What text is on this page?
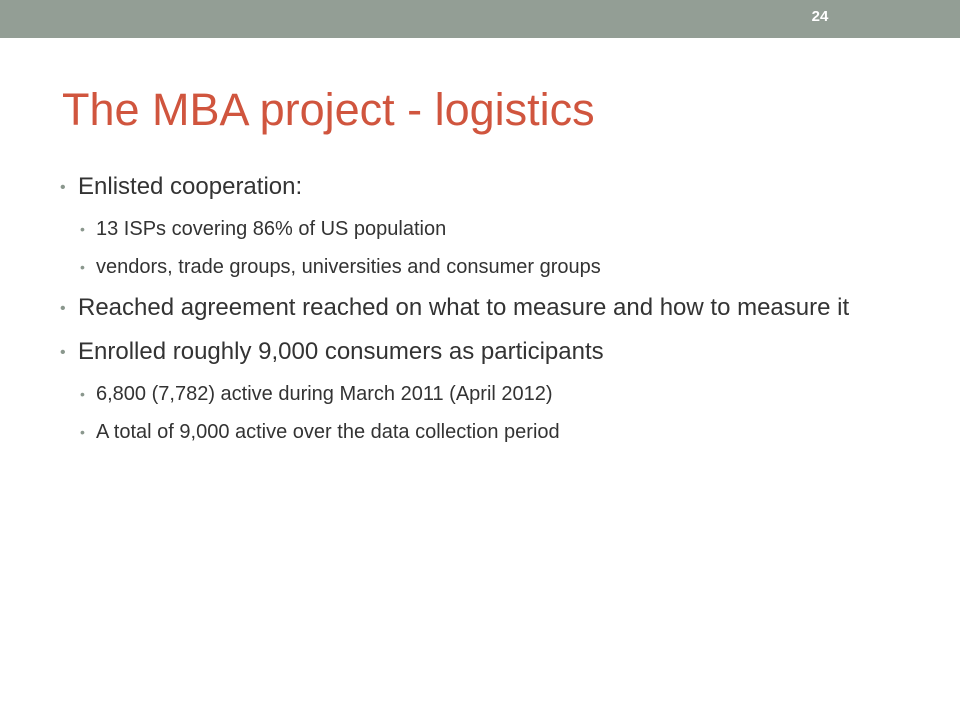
24
The MBA project - logistics
• Enlisted cooperation:
• 13 ISPs covering 86% of US population
• vendors, trade groups, universities and consumer groups
• Reached agreement reached on what to measure and how to measure it
• Enrolled roughly 9,000 consumers as participants
• 6,800 (7,782) active during March 2011 (April 2012)
• A total of 9,000 active over the data collection period
